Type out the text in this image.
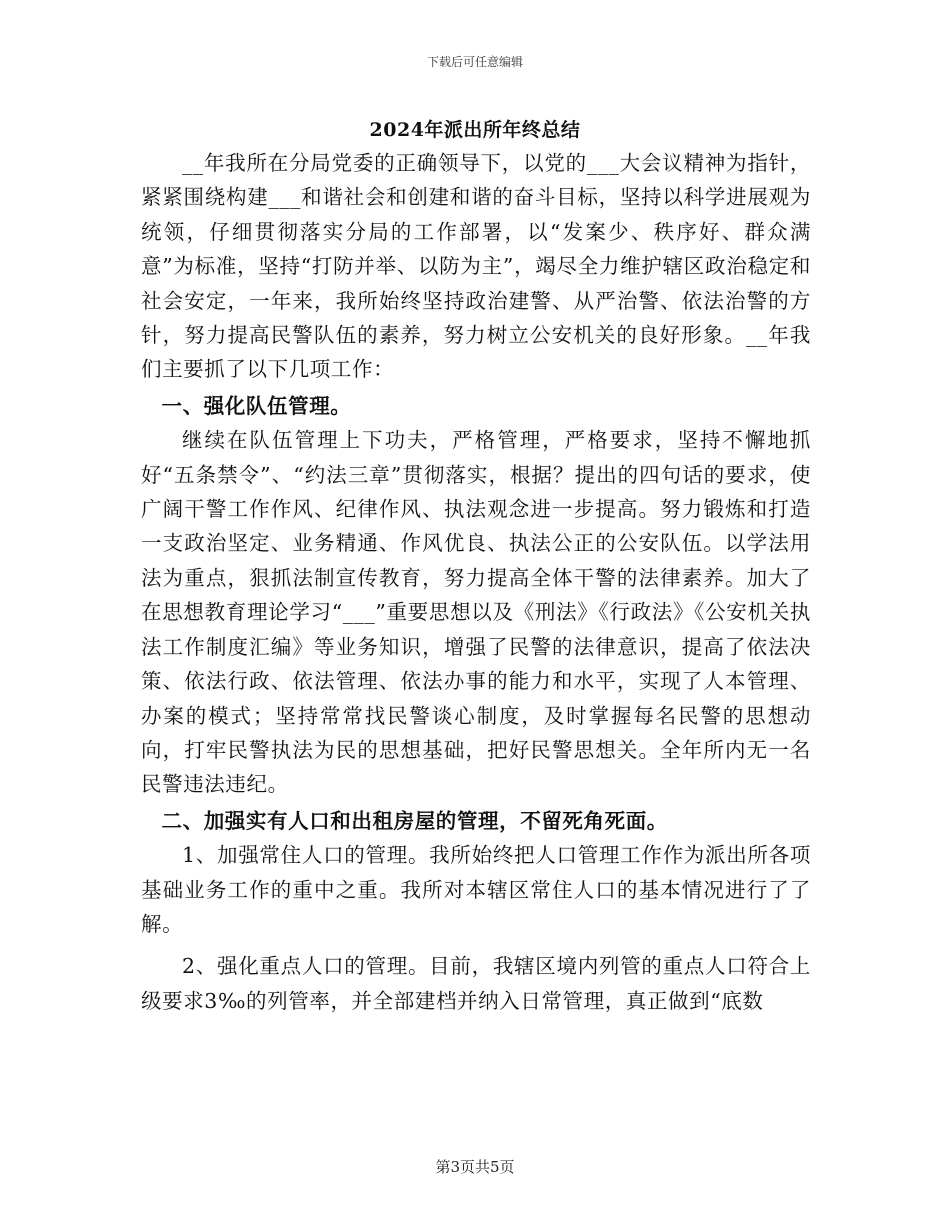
下载后可任意编辑
2024年派出所年终总结

__年我所在分局党委的正确领导下，以党的___大会议精神为指针，紧紧围绕构建___和谐社会和创建和谐的奋斗目标，坚持以科学进展观为统领，仔细贯彻落实分局的工作部署，以“发案少、秩序好、群众满意”为标准，坚持“打防并举、以防为主”，竭尽全力维护辖区政治稳定和社会安定，一年来，我所始终坚持政治建警、从严治警、依法治警的方针，努力提高民警队伍的素养，努力树立公安机关的良好形象。__年我们主要抓了以下几项工作：

一、强化队伍管理。

继续在队伍管理上下功夫，严格管理，严格要求，坚持不懈地抓好“五条禁令”、“约法三章”贯彻落实，根据？提出的四句话的要求，使广阔干警工作作风、纪律作风、执法观念进一步提高。努力锻炼和打造一支政治坚定、业务精通、作风优良、执法公正的公安队伍。以学法用法为重点，狠抓法制宣传教育，努力提高全体干警的法律素养。加大了在思想教育理论学习“___”重要思想以及《刑法》《行政法》《公安机关执法工作制度汇编》等业务知识，增强了民警的法律意识，提高了依法决策、依法行政、依法管理、依法办事的能力和水平，实现了人本管理、办案的模式；坚持常常找民警谈心制度，及时掌握每名民警的思想动向，打牢民警执法为民的思想基础，把好民警思想关。全年所内无一名民警违法违纪。

二、加强实有人口和出租房屋的管理，不留死角死面。

1、加强常住人口的管理。我所始终把人口管理工作作为派出所各项基础业务工作的重中之重。我所对本辖区常住人口的基本情况进行了了解。

2、强化重点人口的管理。目前，我辖区境内列管的重点人口符合上级要求3‰的列管率，并全部建档并纳入日常管理，真正做到“底数

第3页共5页
